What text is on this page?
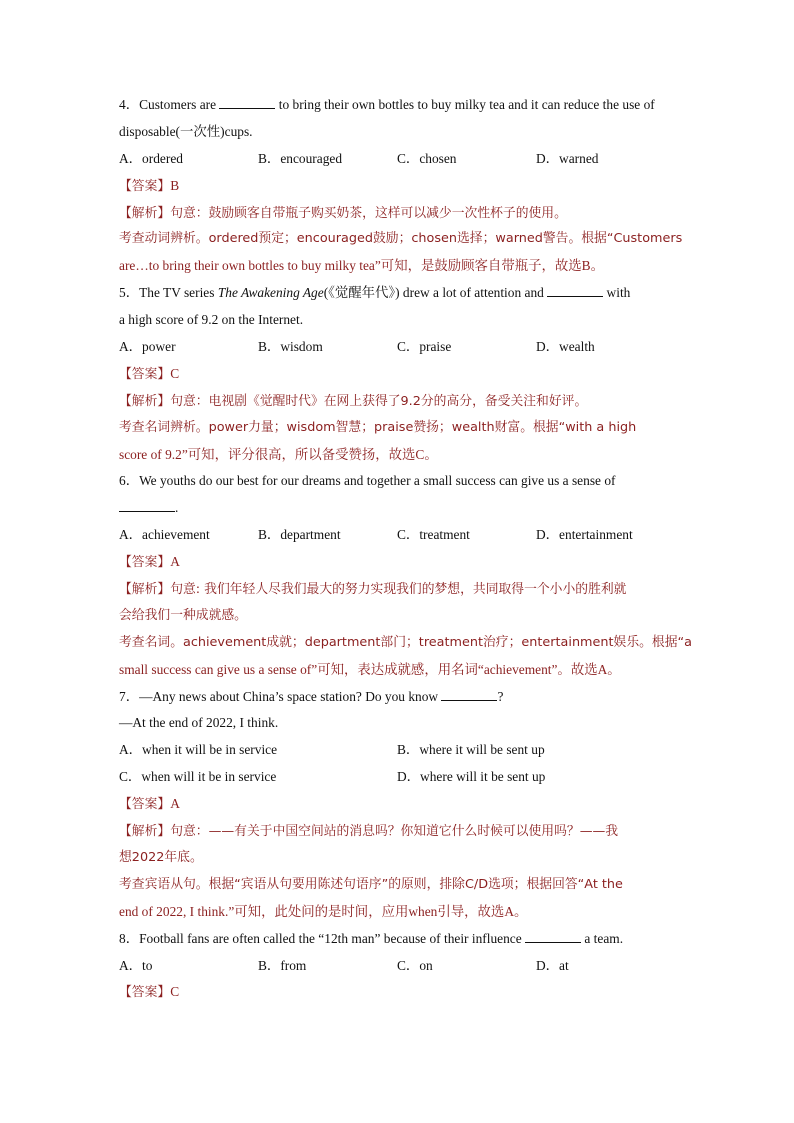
4．Customers are	to bring their own bottles to buy milky tea and it can reduce the use of
disposable(一次性)cups.
A．ordered	B．encouraged	C．chosen	D．warned
【答案】B
【解析】句意：鼓励顾客自带瓶子购买奶茶，这样可以减少一次性杯子的使用。
考查动词辨析。ordered预定；encouraged鼓励；chosen选择；warned警告。根据“Customers
are…to bring their own bottles to buy milky tea”可知，是鼓励顾客自带瓶子，故选B。
5．The TV series The Awakening Age(《觉醒年代》) drew a lot of attention and	with
a high score of 9.2 on the Internet.
A．power	B．wisdom	C．praise	D．wealth
【答案】C
【解析】句意：电视剧《觉醒时代》在网上获得了9.2分的高分，备受关注和好评。
考查名词辨析。power力量；wisdom智慧；praise赞扬；wealth财富。根据“with a high
score of 9.2”可知，评分很高，所以备受赞扬，故选C。
6．We youths do our best for our dreams and together a small success can give us a sense of
.
A．achievement	B．department	C．treatment	D．entertainment
【答案】A
【解析】句意: 我们年轻人尽我们最大的努力实现我们的梦想，共同取得一个小小的胜利就
会给我们一种成就感。
考查名词。achievement成就；department部门；treatment治疗；entertainment娱乐。根据“a
small success can give us a sense of”可知，表达成就感，用名词“achievement”。故选A。
7．—Any news about China’s space station? Do you know	?
—At the end of 2022, I think.
A．when it will be in service	B．where it will be sent up
C．when will it be in service	D．where will it be sent up
【答案】A
【解析】句意：——有关于中国空间站的消息吗？你知道它什么时候可以使用吗？——我
想2022年底。
考查宾语从句。根据“宾语从句要用陈述句语序”的原则，排除C/D选项；根据回答“At the
end of 2022, I think.”可知，此处问的是时间，应用when引导，故选A。
8．Football fans are often called the “12th man” because of their influence	a team.
A．to	B．from	C．on	D．at
【答案】C
